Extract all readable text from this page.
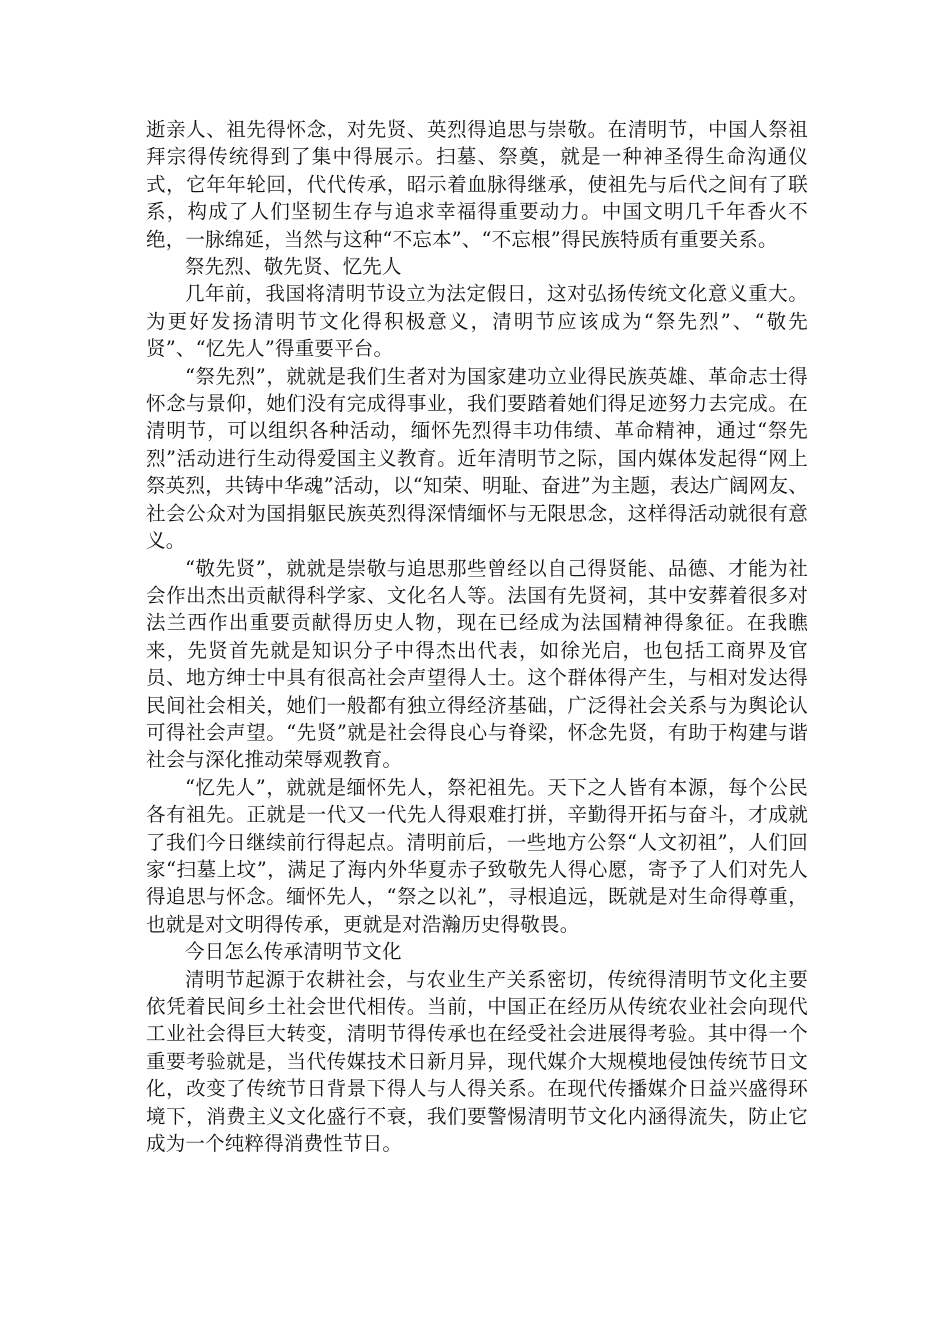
逝亲人、祖先得怀念，对先贤、英烈得追思与崇敬。在清明节，中国人祭祖拜宗得传统得到了集中得展示。扫墓、祭奠，就是一种神圣得生命沟通仪式，它年年轮回，代代传承，昭示着血脉得继承，使祖先与后代之间有了联系，构成了人们坚韧生存与追求幸福得重要动力。中国文明几千年香火不绝，一脉绵延，当然与这种“不忘本”、“不忘根”得民族特质有重要关系。

祭先烈、敬先贤、忆先人

几年前，我国将清明节设立为法定假日，这对弘扬传统文化意义重大。为更好发扬清明节文化得积极意义，清明节应该成为“祭先烈”、“敬先贤”、“忆先人”得重要平台。

“祭先烈”，就就是我们生者对为国家建功立业得民族英雄、革命志士得怀念与景仰，她们没有完成得事业，我们要踏着她们得足迹努力去完成。在清明节，可以组织各种活动，缅怀先烈得丰功伟绩、革命精神，通过“祭先烈”活动进行生动得爱国主义教育。近年清明节之际，国内媒体发起得“网上祭英烈，共铸中华魂”活动，以“知荣、明耻、奋进”为主题，表达广阔网友、社会公众对为国捐躯民族英烈得深情缅怀与无限思念，这样得活动就很有意义。

“敬先贤”，就就是崇敬与追思那些曾经以自己得贤能、品德、才能为社会作出杰出贡献得科学家、文化名人等。法国有先贤祠，其中安葬着很多对法兰西作出重要贡献得历史人物，现在已经成为法国精神得象征。在我瞧来，先贤首先就是知识分子中得杰出代表，如徐光启，也包括工商界及官员、地方绅士中具有很高社会声望得人士。这个群体得产生，与相对发达得民间社会相关，她们一般都有独立得经济基础，广泛得社会关系与为舆论认可得社会声望。“先贤”就是社会得良心与脊梁，怀念先贤，有助于构建与谐社会与深化推动荣辱观教育。

“忆先人”，就就是缅怀先人，祭祀祖先。天下之人皆有本源，每个公民各有祖先。正就是一代又一代先人得艰难打拼，辛勤得开拓与奋斗，才成就了我们今日继续前行得起点。清明前后，一些地方公祭“人文初祖”，人们回家“扫墓上坟”，满足了海内外华夏赤子致敬先人得心愿，寄予了人们对先人得追思与怀念。缅怀先人，“祭之以礼”，寻根追远，既就是对生命得尊重，也就是对文明得传承，更就是对浩瀚历史得敬畏。

今日怎么传承清明节文化

清明节起源于农耕社会，与农业生产关系密切，传统得清明节文化主要依凭着民间乡土社会世代相传。当前，中国正在经历从传统农业社会向现代工业社会得巨大转变，清明节得传承也在经受社会进展得考验。其中得一个重要考验就是，当代传媒技术日新月异，现代媒介大规模地侵蚀传统节日文化，改变了传统节日背景下得人与人得关系。在现代传播媒介日益兴盛得环境下，消费主义文化盛行不衰，我们要警惕清明节文化内涵得流失，防止它成为一个纯粹得消费性节日。
